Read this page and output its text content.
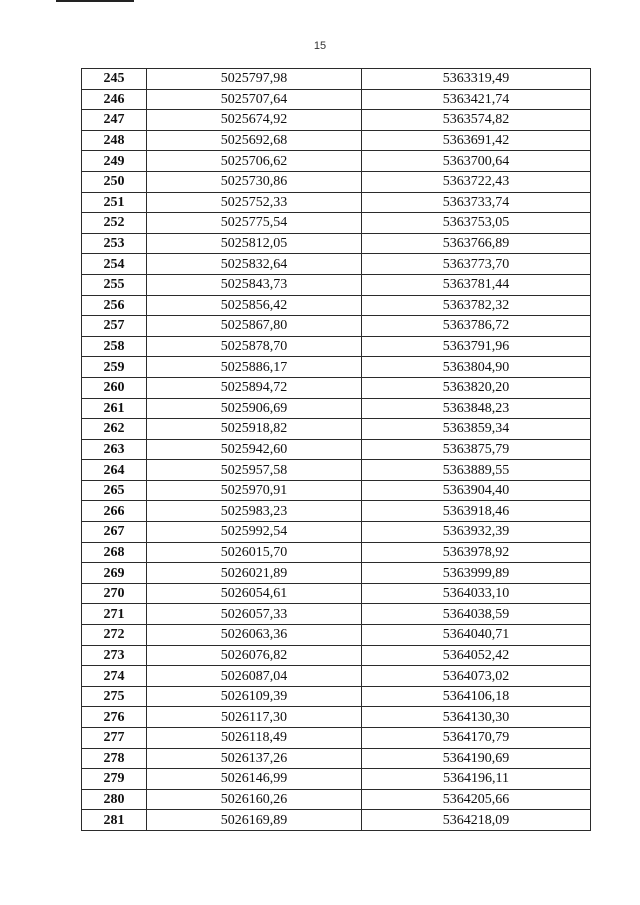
15
245	5025797,98	5363319,49
246	5025707,64	5363421,74
247	5025674,92	5363574,82
248	5025692,68	5363691,42
249	5025706,62	5363700,64
250	5025730,86	5363722,43
251	5025752,33	5363733,74
252	5025775,54	5363753,05
253	5025812,05	5363766,89
254	5025832,64	5363773,70
255	5025843,73	5363781,44
256	5025856,42	5363782,32
257	5025867,80	5363786,72
258	5025878,70	5363791,96
259	5025886,17	5363804,90
260	5025894,72	5363820,20
261	5025906,69	5363848,23
262	5025918,82	5363859,34
263	5025942,60	5363875,79
264	5025957,58	5363889,55
265	5025970,91	5363904,40
266	5025983,23	5363918,46
267	5025992,54	5363932,39
268	5026015,70	5363978,92
269	5026021,89	5363999,89
270	5026054,61	5364033,10
271	5026057,33	5364038,59
272	5026063,36	5364040,71
273	5026076,82	5364052,42
274	5026087,04	5364073,02
275	5026109,39	5364106,18
276	5026117,30	5364130,30
277	5026118,49	5364170,79
278	5026137,26	5364190,69
279	5026146,99	5364196,11
280	5026160,26	5364205,66
281	5026169,89	5364218,09
